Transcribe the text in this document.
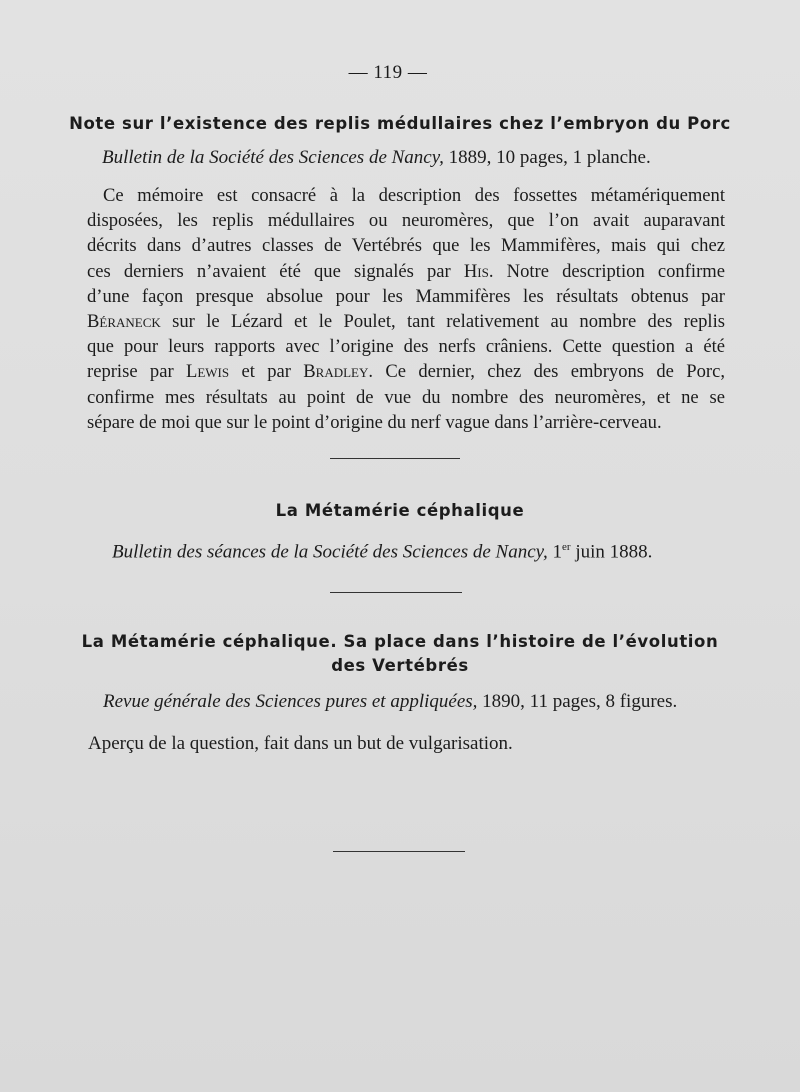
— 119 —
Note sur l’existence des replis médullaires chez l’embryon du Porc
Bulletin de la Société des Sciences de Nancy, 1889, 10 pages, 1 planche.
Ce mémoire est consacré à la description des fossettes métamériquement
disposées, les replis médullaires ou neuromères, que l’on avait auparavant
décrits dans d’autres classes de Vertébrés que les Mammifères, mais qui chez
ces derniers n’avaient été que signalés par His. Notre description confirme
d’une façon presque absolue pour les Mammifères les résultats obtenus par
Béraneck sur le Lézard et le Poulet, tant relativement au nombre des replis
que pour leurs rapports avec l’origine des nerfs crâniens. Cette question a été
reprise par Lewis et par Bradley. Ce dernier, chez des embryons de Porc,
confirme mes résultats au point de vue du nombre des neuromères, et ne se
sépare de moi que sur le point d’origine du nerf vague dans l’arrière-cerveau.
La Métamérie céphalique
Bulletin des séances de la Société des Sciences de Nancy, 1er juin 1888.
La Métamérie céphalique. Sa place dans l’histoire de l’évolution
des Vertébrés
Revue générale des Sciences pures et appliquées, 1890, 11 pages, 8 figures.
Aperçu de la question, fait dans un but de vulgarisation.
